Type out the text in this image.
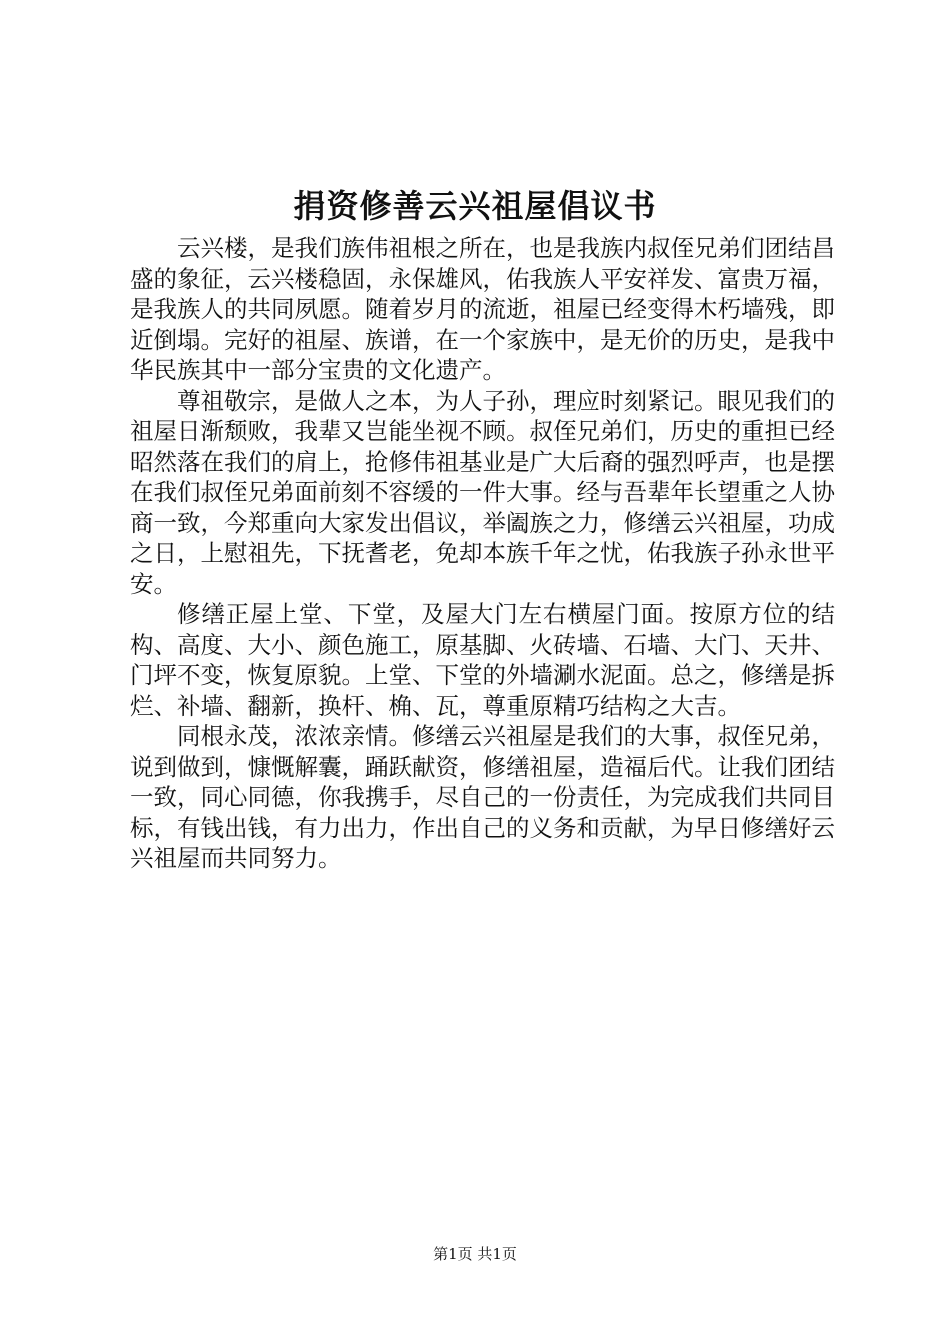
捐资修善云兴祖屋倡议书

云兴楼，是我们族伟祖根之所在，也是我族内叔侄兄弟们团结昌盛的象征，云兴楼稳固，永保雄风，佑我族人平安祥发、富贵万福，是我族人的共同夙愿。随着岁月的流逝，祖屋已经变得木朽墙残，即近倒塌。完好的祖屋、族谱，在一个家族中，是无价的历史，是我中华民族其中一部分宝贵的文化遗产。

尊祖敬宗，是做人之本，为人子孙，理应时刻紧记。眼见我们的祖屋日渐颓败，我辈又岂能坐视不顾。叔侄兄弟们，历史的重担已经昭然落在我们的肩上，抢修伟祖基业是广大后裔的强烈呼声，也是摆在我们叔侄兄弟面前刻不容缓的一件大事。经与吾辈年长望重之人协商一致，今郑重向大家发出倡议，举阖族之力，修缮云兴祖屋，功成之日，上慰祖先，下抚耆老，免却本族千年之忧，佑我族子孙永世平安。

修缮正屋上堂、下堂，及屋大门左右横屋门面。按原方位的结构、高度、大小、颜色施工，原基脚、火砖墙、石墙、大门、天井、门坪不变，恢复原貌。上堂、下堂的外墙涮水泥面。总之，修缮是拆烂、补墙、翻新，换杆、桷、瓦，尊重原精巧结构之大吉。

同根永茂，浓浓亲情。修缮云兴祖屋是我们的大事，叔侄兄弟，说到做到，慷慨解囊，踊跃献资，修缮祖屋，造福后代。让我们团结一致，同心同德，你我携手，尽自己的一份责任，为完成我们共同目标，有钱出钱，有力出力，作出自己的义务和贡献，为早日修缮好云兴祖屋而共同努力。

第1页 共1页
